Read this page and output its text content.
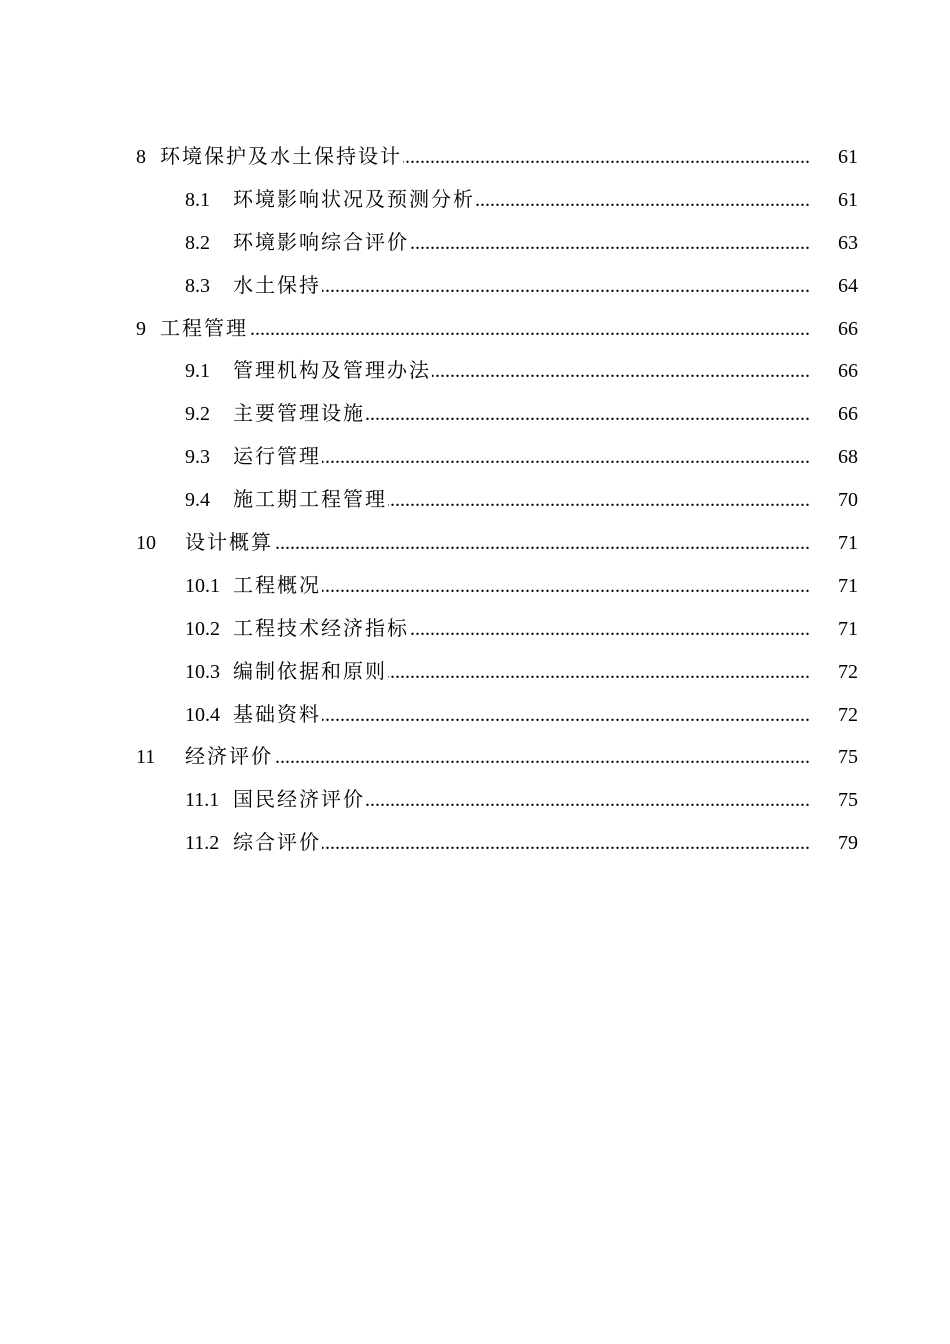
8 ..... 环境保护及水土保持设计	61
8.1 ..... 环境影响状况及预测分析	61
8.2 ..... 环境影响综合评价	63
8.3 ..... 水土保持	64
9 ..... 工程管理	66
9.1 ..... 管理机构及管理办法	66
9.2 ..... 主要管理设施	66
9.3 ..... 运行管理	68
9.4 ..... 施工期工程管理	70
10 ..... 设计概算	71
10.1 ..... 工程概况	71
10.2 ..... 工程技术经济指标	71
10.3 ..... 编制依据和原则	72
10.4 ..... 基础资料	72
11 ..... 经济评价	75
11.1 ..... 国民经济评价	75
11.2 ..... 综合评价	79
